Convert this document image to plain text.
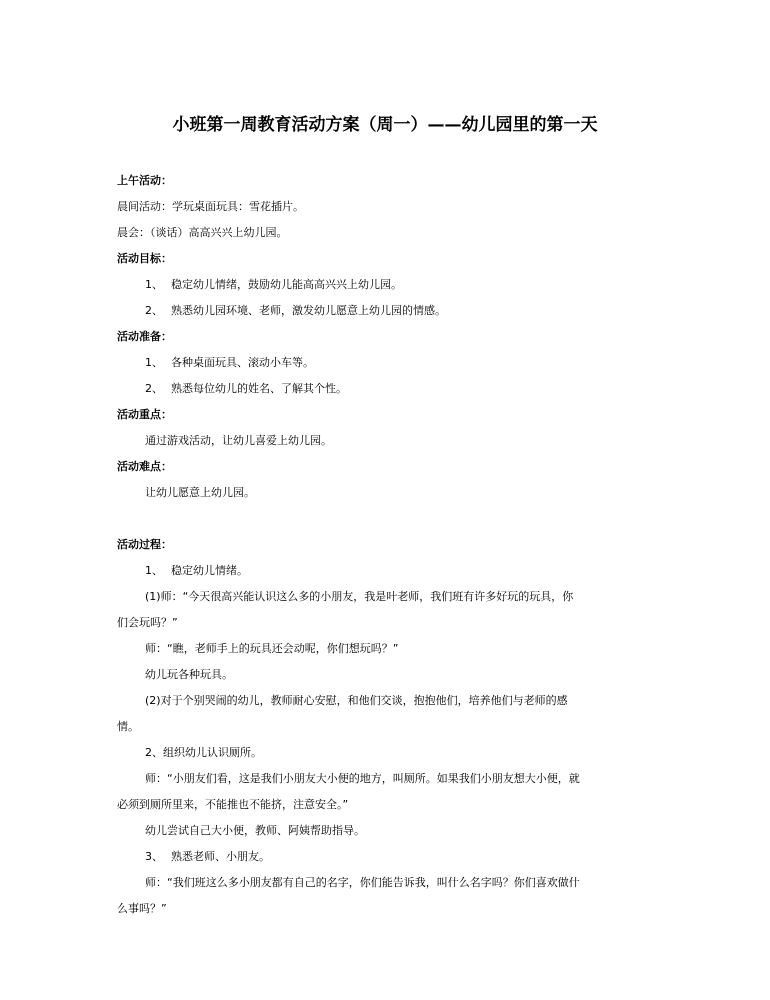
小班第一周教育活动方案（周一）——幼儿园里的第一天
上午活动：
晨间活动：学玩桌面玩具：雪花插片。
晨会：（谈话）高高兴兴上幼儿园。
活动目标：
1、 稳定幼儿情绪，鼓励幼儿能高高兴兴上幼儿园。
2、 熟悉幼儿园环境、老师，激发幼儿愿意上幼儿园的情感。
活动准备：
1、 各种桌面玩具、滚动小车等。
2、 熟悉每位幼儿的姓名、了解其个性。
活动重点：
通过游戏活动，让幼儿喜爱上幼儿园。
活动难点：
让幼儿愿意上幼儿园。
活动过程：
1、 稳定幼儿情绪。
(1)师：“今天很高兴能认识这么多的小朋友，我是叶老师，我们班有许多好玩的玩具，你
们会玩吗？”
师：“瞧，老师手上的玩具还会动呢，你们想玩吗？”
幼儿玩各种玩具。
(2)对于个别哭闹的幼儿，教师耐心安慰，和他们交谈，抱抱他们，培养他们与老师的感
情。
2、组织幼儿认识厕所。
师：“小朋友们看，这是我们小朋友大小便的地方，叫厕所。如果我们小朋友想大小便，就
必须到厕所里来，不能推也不能挤，注意安全。”
幼儿尝试自己大小便，教师、阿姨帮助指导。
3、 熟悉老师、小朋友。
师：“我们班这么多小朋友都有自己的名字，你们能告诉我，叫什么名字吗？你们喜欢做什
么事吗？”
